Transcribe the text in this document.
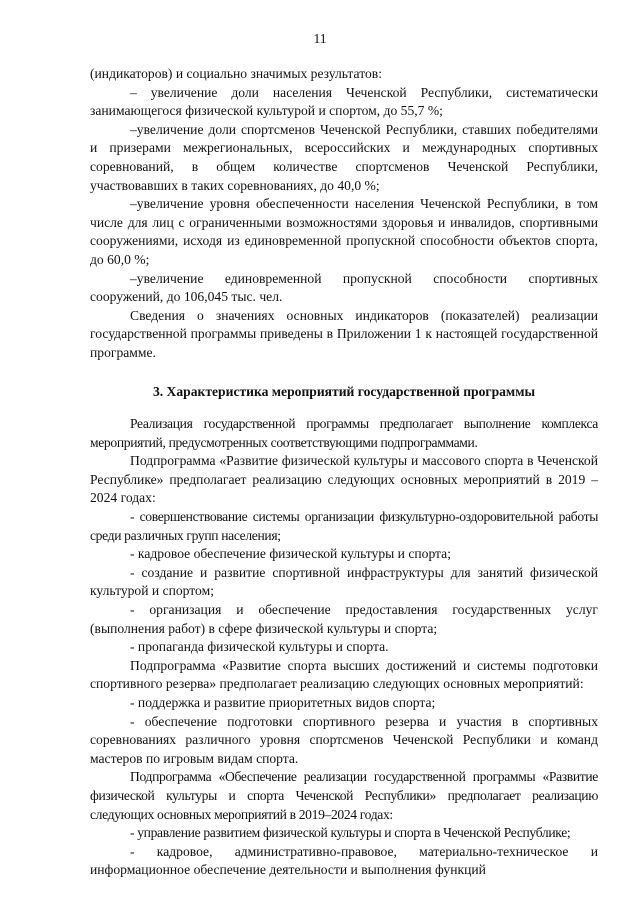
11

(индикаторов) и социально значимых результатов:

– увеличение доли населения Чеченской Республики, систематически занимающегося физической культурой и спортом, до 55,7 %;

–увеличение доли спортсменов Чеченской Республики, ставших победителями и призерами межрегиональных, всероссийских и международных спортивных соревнований, в общем количестве спортсменов Чеченской Республики, участвовавших в таких соревнованиях, до 40,0 %;

–увеличение уровня обеспеченности населения Чеченской Республики, в том числе для лиц с ограниченными возможностями здоровья и инвалидов, спортивными сооружениями, исходя из единовременной пропускной способности объектов спорта, до 60,0 %;

–увеличение единовременной пропускной способности спортивных сооружений, до 106,045 тыс. чел.

Сведения о значениях основных индикаторов (показателей) реализации государственной программы приведены в Приложении 1 к настоящей государственной программе.

3. Характеристика мероприятий государственной программы

Реализация государственной программы предполагает выполнение комплекса мероприятий, предусмотренных соответствующими подпрограммами.

Подпрограмма «Развитие физической культуры и массового спорта в Чеченской Республике» предполагает реализацию следующих основных мероприятий в 2019 – 2024 годах:

- совершенствование системы организации физкультурно-оздоровительной работы среди различных групп населения;

- кадровое обеспечение физической культуры и спорта;

- создание и развитие спортивной инфраструктуры для занятий физической культурой и спортом;

- организация и обеспечение предоставления государственных услуг (выполнения работ) в сфере физической культуры и спорта;

- пропаганда физической культуры и спорта.

Подпрограмма «Развитие спорта высших достижений и системы подготовки спортивного резерва» предполагает реализацию следующих основных мероприятий:

- поддержка и развитие приоритетных видов спорта;

- обеспечение подготовки спортивного резерва и участия в спортивных соревнованиях различного уровня спортсменов Чеченской Республики и команд мастеров по игровым видам спорта.

Подпрограмма «Обеспечение реализации государственной программы «Развитие физической культуры и спорта Чеченской Республики» предполагает реализацию следующих основных мероприятий в 2019–2024 годах:

- управление развитием физической культуры и спорта в Чеченской Республике;

- кадровое, административно-правовое, материально-техническое и информационное обеспечение деятельности и выполнения функций
